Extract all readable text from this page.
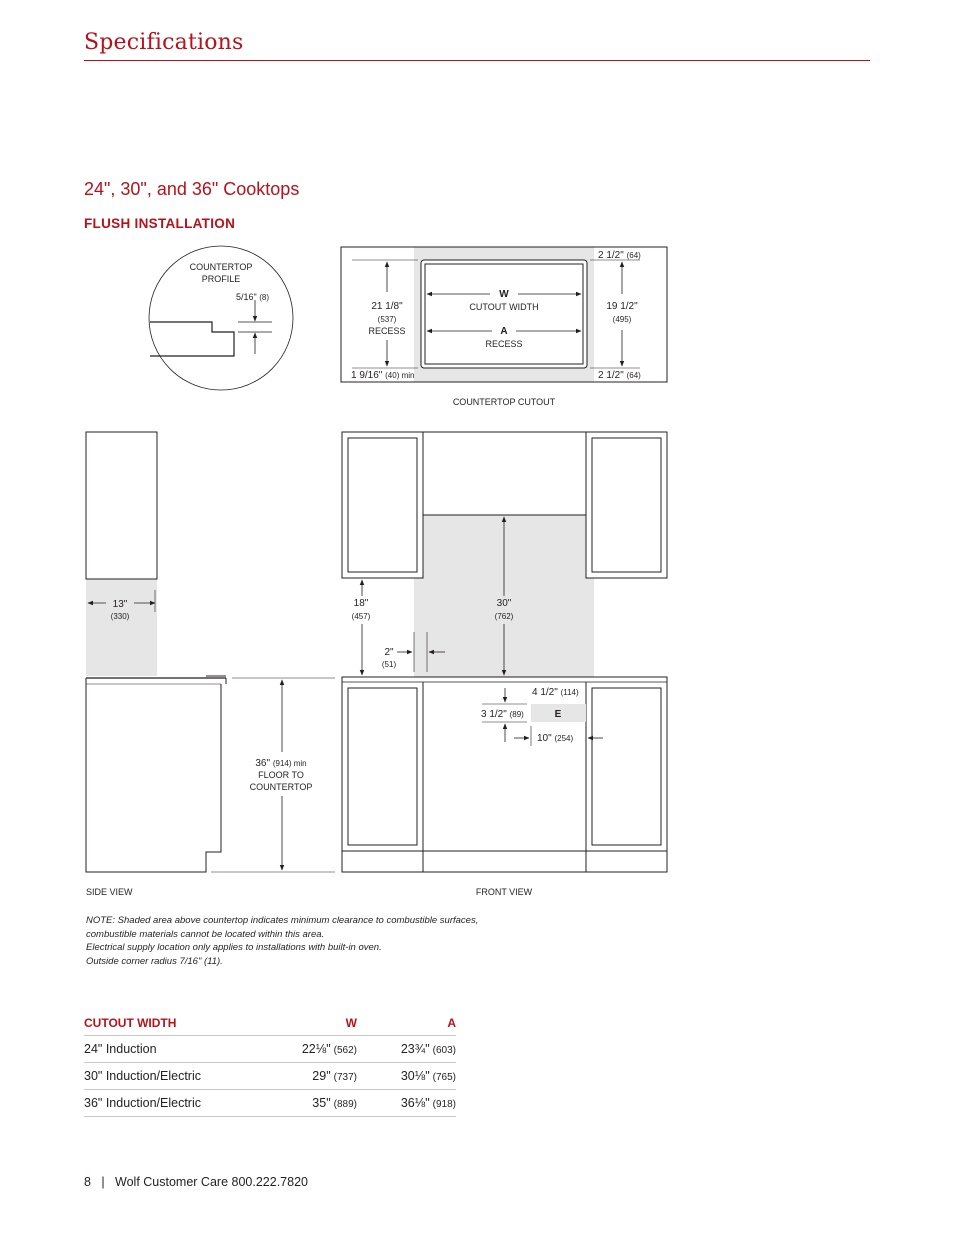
Specifications
24", 30", and 36" Cooktops
FLUSH INSTALLATION
COUNTERTOP
PROFILE
5/16" (8)
21 1/8"
(537)
RECESS
W
CUTOUT WIDTH
A
RECESS
19 1/2"
(495)
2 1/2" (64)
2 1/2" (64)
1 9/16" (40) min
COUNTERTOP CUTOUT
13"
(330)
36" (914) min
FLOOR TO
COUNTERTOP
SIDE VIEW
18"
(457)
30"
(762)
2"
(51)
E
4 1/2" (114)
3 1/2" (89)
10" (254)
FRONT VIEW
NOTE: Shaded area above countertop indicates minimum clearance to combustible surfaces,
combustible materials cannot be located within this area.
Electrical supply location only applies to installations with built-in oven.
Outside corner radius 7/16" (11).
CUTOUT WIDTH	W	A
24" Induction	22⅛" (562)	23¾" (603)
30" Induction/Electric	29" (737)	30⅛" (765)
36" Induction/Electric	35" (889)	36⅛" (918)
8   |   Wolf Customer Care 800.222.7820
